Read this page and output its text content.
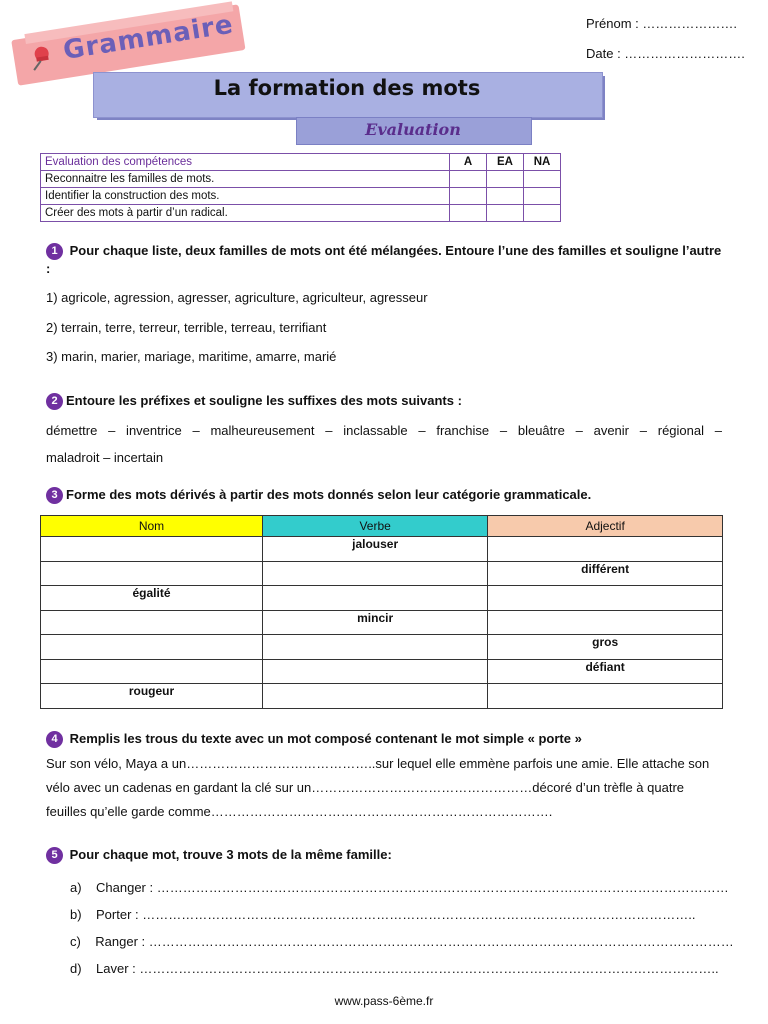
Grammaire	Prénom : ………………….
Date : ……………………….
La formation des mots
Evaluation
Evaluation des compétences	A	EA	NA
Reconnaitre les familles de mots.			
Identifier la construction des mots.			
Créer des mots à partir d’un radical.			
1 Pour chaque liste, deux familles de mots ont été mélangées. Entoure l’une des familles et souligne l’autre :
1) agricole, agression, agresser, agriculture, agriculteur, agresseur
2) terrain, terre, terreur, terrible, terreau, terrifiant
3) marin, marier, mariage, maritime, amarre, marié
2 Entoure les préfixes et souligne les suffixes des mots suivants :
démettre – inventrice – malheureusement – inclassable – franchise – bleuâtre – avenir – régional –
maladroit – incertain
3 Forme des mots dérivés à partir des mots donnés selon leur catégorie grammaticale.
Nom	Verbe	Adjectif
	jalouser	
		différent
égalité		
	mincir	
		gros
		défiant
rougeur		
4 Remplis les trous du texte avec un mot composé contenant le mot simple « porte »
Sur son vélo, Maya a un……………………………………..sur lequel elle emmène parfois une amie. Elle attache son
vélo avec un cadenas en gardant la clé sur un……………………………………………décoré d’un trèfle à quatre
feuilles qu’elle garde comme…………………………………………………………………….
5 Pour chaque mot, trouve 3 mots de la même famille:
a) Changer : ……………………………………………………………………………………………………………………
b) Porter : ………………………………………………………………………………………………………………..
c) Ranger : ………………………………………………………………………………………………………………………
d) Laver : ……………………………………………………………………………………………………………………..
www.pass-6ème.fr
